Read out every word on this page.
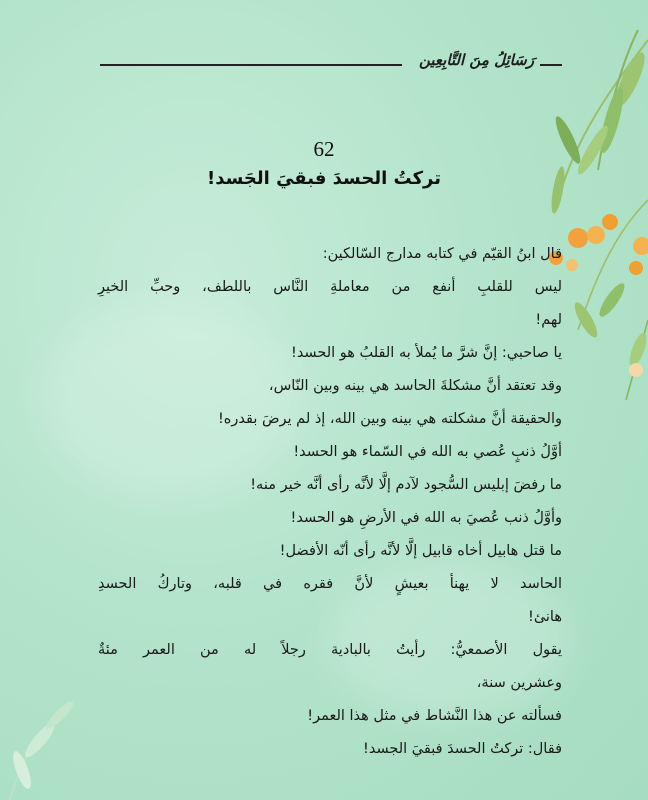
رَسَائِلُ مِنَ التَّابِعِين
62
تركتُ الحسدَ فبقيَ الجَسد!
قال ابنُ القيّم في كتابه مدارج السّالكين:
ليس للقلبِ أنفع من معاملةِ النَّاس باللطف، وحبِّ الخيرِ
لهم!
يا صاحبي: إنَّ شرَّ ما يُملأ به القلبُ هو الحسد!
وقد تعتقد أنَّ مشكلةَ الحاسد هي بينه وبين النّاس،
والحقيقة أنَّ مشكلته هي بينه وبين الله، إذ لم يرضَ بقدره!
أوَّلُ ذنبٍ عُصي به الله في السّماء هو الحسد!
ما رفضَ إبليس السُّجود لآدم إلَّا لأنَّه رأى أنَّه خير منه!
وأوَّلُ ذنب عُصيَ به الله في الأرضِ هو الحسد!
ما قتل هابيل أخاه قابيل إلَّا لأنَّه رأى أنّه الأفضل!
الحاسد لا يهنأ بعيشٍ لأنَّ فقره في قلبه، وتاركُ الحسدِ
هانئ!
يقول الأصمعيُّ: رأيتُ بالبادية رجلاً له من العمر مئةٌ
وعشرين سنة،
فسألته عن هذا النَّشاط في مثل هذا العمر!
فقال: تركتُ الحسدَ فبقيَ الجسد!
